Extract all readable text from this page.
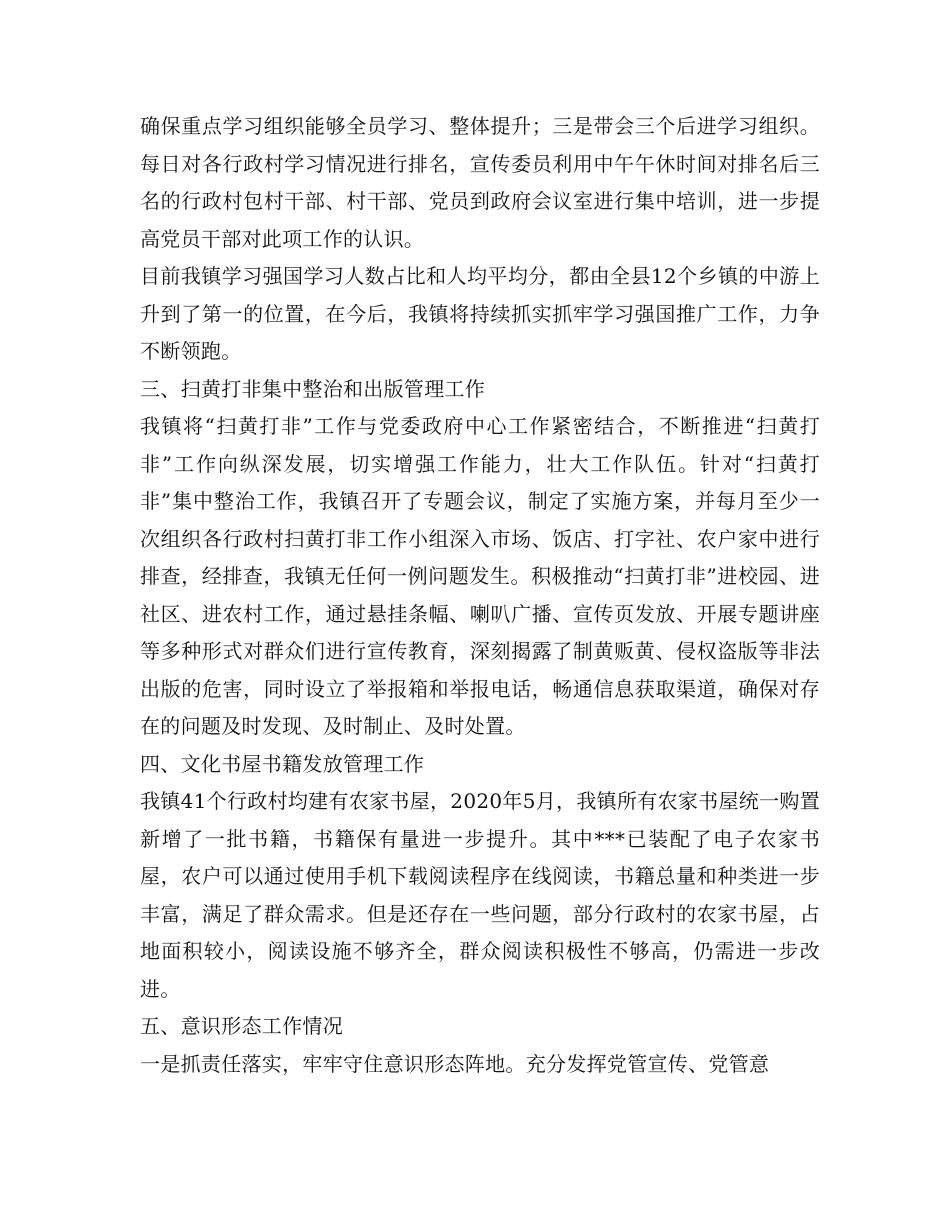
确保重点学习组织能够全员学习、整体提升；三是带会三个后进学习组织。每日对各行政村学习情况进行排名，宣传委员利用中午午休时间对排名后三名的行政村包村干部、村干部、党员到政府会议室进行集中培训，进一步提高党员干部对此项工作的认识。

目前我镇学习强国学习人数占比和人均平均分，都由全县12个乡镇的中游上升到了第一的位置，在今后，我镇将持续抓实抓牢学习强国推广工作，力争不断领跑。

三、扫黄打非集中整治和出版管理工作

我镇将“扫黄打非”工作与党委政府中心工作紧密结合，不断推进“扫黄打非”工作向纵深发展，切实增强工作能力，壮大工作队伍。针对“扫黄打非”集中整治工作，我镇召开了专题会议，制定了实施方案，并每月至少一次组织各行政村扫黄打非工作小组深入市场、饭店、打字社、农户家中进行排查，经排查，我镇无任何一例问题发生。积极推动“扫黄打非”进校园、进社区、进农村工作，通过悬挂条幅、喇叭广播、宣传页发放、开展专题讲座等多种形式对群众们进行宣传教育，深刻揭露了制黄贩黄、侵权盗版等非法出版的危害，同时设立了举报箱和举报电话，畅通信息获取渠道，确保对存在的问题及时发现、及时制止、及时处置。

四、文化书屋书籍发放管理工作

我镇41个行政村均建有农家书屋，2020年5月，我镇所有农家书屋统一购置新增了一批书籍，书籍保有量进一步提升。其中***已装配了电子农家书屋，农户可以通过使用手机下载阅读程序在线阅读，书籍总量和种类进一步丰富，满足了群众需求。但是还存在一些问题，部分行政村的农家书屋，占地面积较小，阅读设施不够齐全，群众阅读积极性不够高，仍需进一步改进。

五、意识形态工作情况

一是抓责任落实，牢牢守住意识形态阵地。充分发挥党管宣传、党管意
